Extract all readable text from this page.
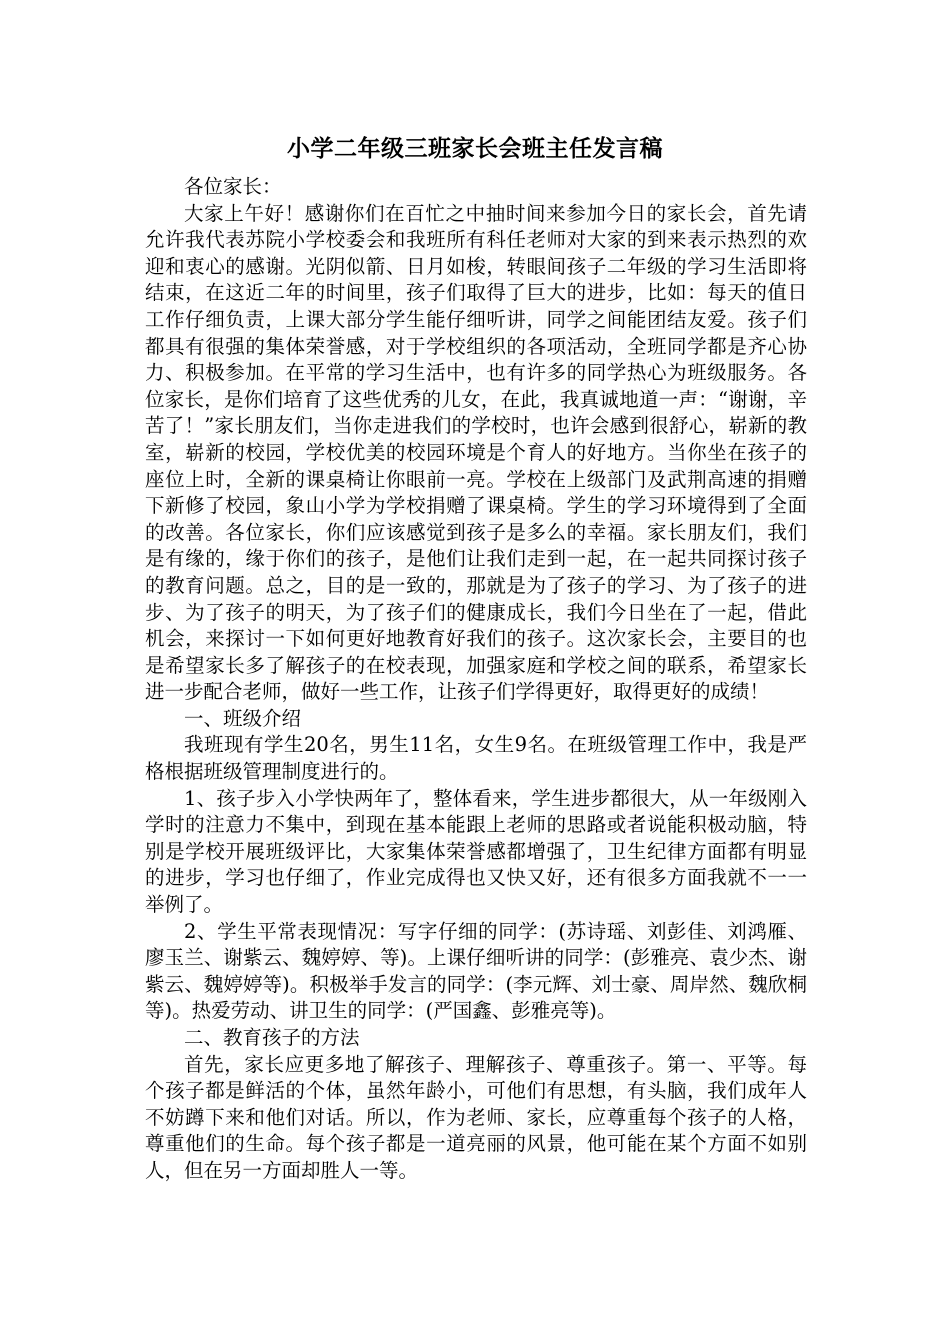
小学二年级三班家长会班主任发言稿

各位家长：

大家上午好！感谢你们在百忙之中抽时间来参加今日的家长会，首先请允许我代表苏院小学校委会和我班所有科任老师对大家的到来表示热烈的欢迎和衷心的感谢。光阴似箭、日月如梭，转眼间孩子二年级的学习生活即将结束，在这近二年的时间里，孩子们取得了巨大的进步，比如：每天的值日工作仔细负责，上课大部分学生能仔细听讲，同学之间能团结友爱。孩子们都具有很强的集体荣誉感，对于学校组织的各项活动，全班同学都是齐心协力、积极参加。在平常的学习生活中，也有许多的同学热心为班级服务。各位家长，是你们培育了这些优秀的儿女，在此，我真诚地道一声：“谢谢，辛苦了！”家长朋友们，当你走进我们的学校时，也许会感到很舒心，崭新的教室，崭新的校园，学校优美的校园环境是个育人的好地方。当你坐在孩子的座位上时，全新的课桌椅让你眼前一亮。学校在上级部门及武荆高速的捐赠下新修了校园，象山小学为学校捐赠了课桌椅。学生的学习环境得到了全面的改善。各位家长，你们应该感觉到孩子是多么的幸福。家长朋友们，我们是有缘的，缘于你们的孩子，是他们让我们走到一起，在一起共同探讨孩子的教育问题。总之，目的是一致的，那就是为了孩子的学习、为了孩子的进步、为了孩子的明天，为了孩子们的健康成长，我们今日坐在了一起，借此机会，来探讨一下如何更好地教育好我们的孩子。这次家长会，主要目的也是希望家长多了解孩子的在校表现，加强家庭和学校之间的联系，希望家长进一步配合老师，做好一些工作，让孩子们学得更好，取得更好的成绩！

一、班级介绍

我班现有学生20名，男生11名，女生9名。在班级管理工作中，我是严格根据班级管理制度进行的。

1、孩子步入小学快两年了，整体看来，学生进步都很大，从一年级刚入学时的注意力不集中，到现在基本能跟上老师的思路或者说能积极动脑，特别是学校开展班级评比，大家集体荣誉感都增强了，卫生纪律方面都有明显的进步，学习也仔细了，作业完成得也又快又好，还有很多方面我就不一一举例了。

2、学生平常表现情况：写字仔细的同学：(苏诗瑶、刘彭佳、刘鸿雁、廖玉兰、谢紫云、魏婷婷、等)。上课仔细听讲的同学：(彭雅亮、袁少杰、谢紫云、魏婷婷等)。积极举手发言的同学：(李元辉、刘士豪、周岸然、魏欣桐等)。热爱劳动、讲卫生的同学：(严国鑫、彭雅亮等)。

二、教育孩子的方法

首先，家长应更多地了解孩子、理解孩子、尊重孩子。第一、平等。每个孩子都是鲜活的个体，虽然年龄小，可他们有思想，有头脑，我们成年人不妨蹲下来和他们对话。所以，作为老师、家长，应尊重每个孩子的人格，尊重他们的生命。每个孩子都是一道亮丽的风景，他可能在某个方面不如别人，但在另一方面却胜人一等。
